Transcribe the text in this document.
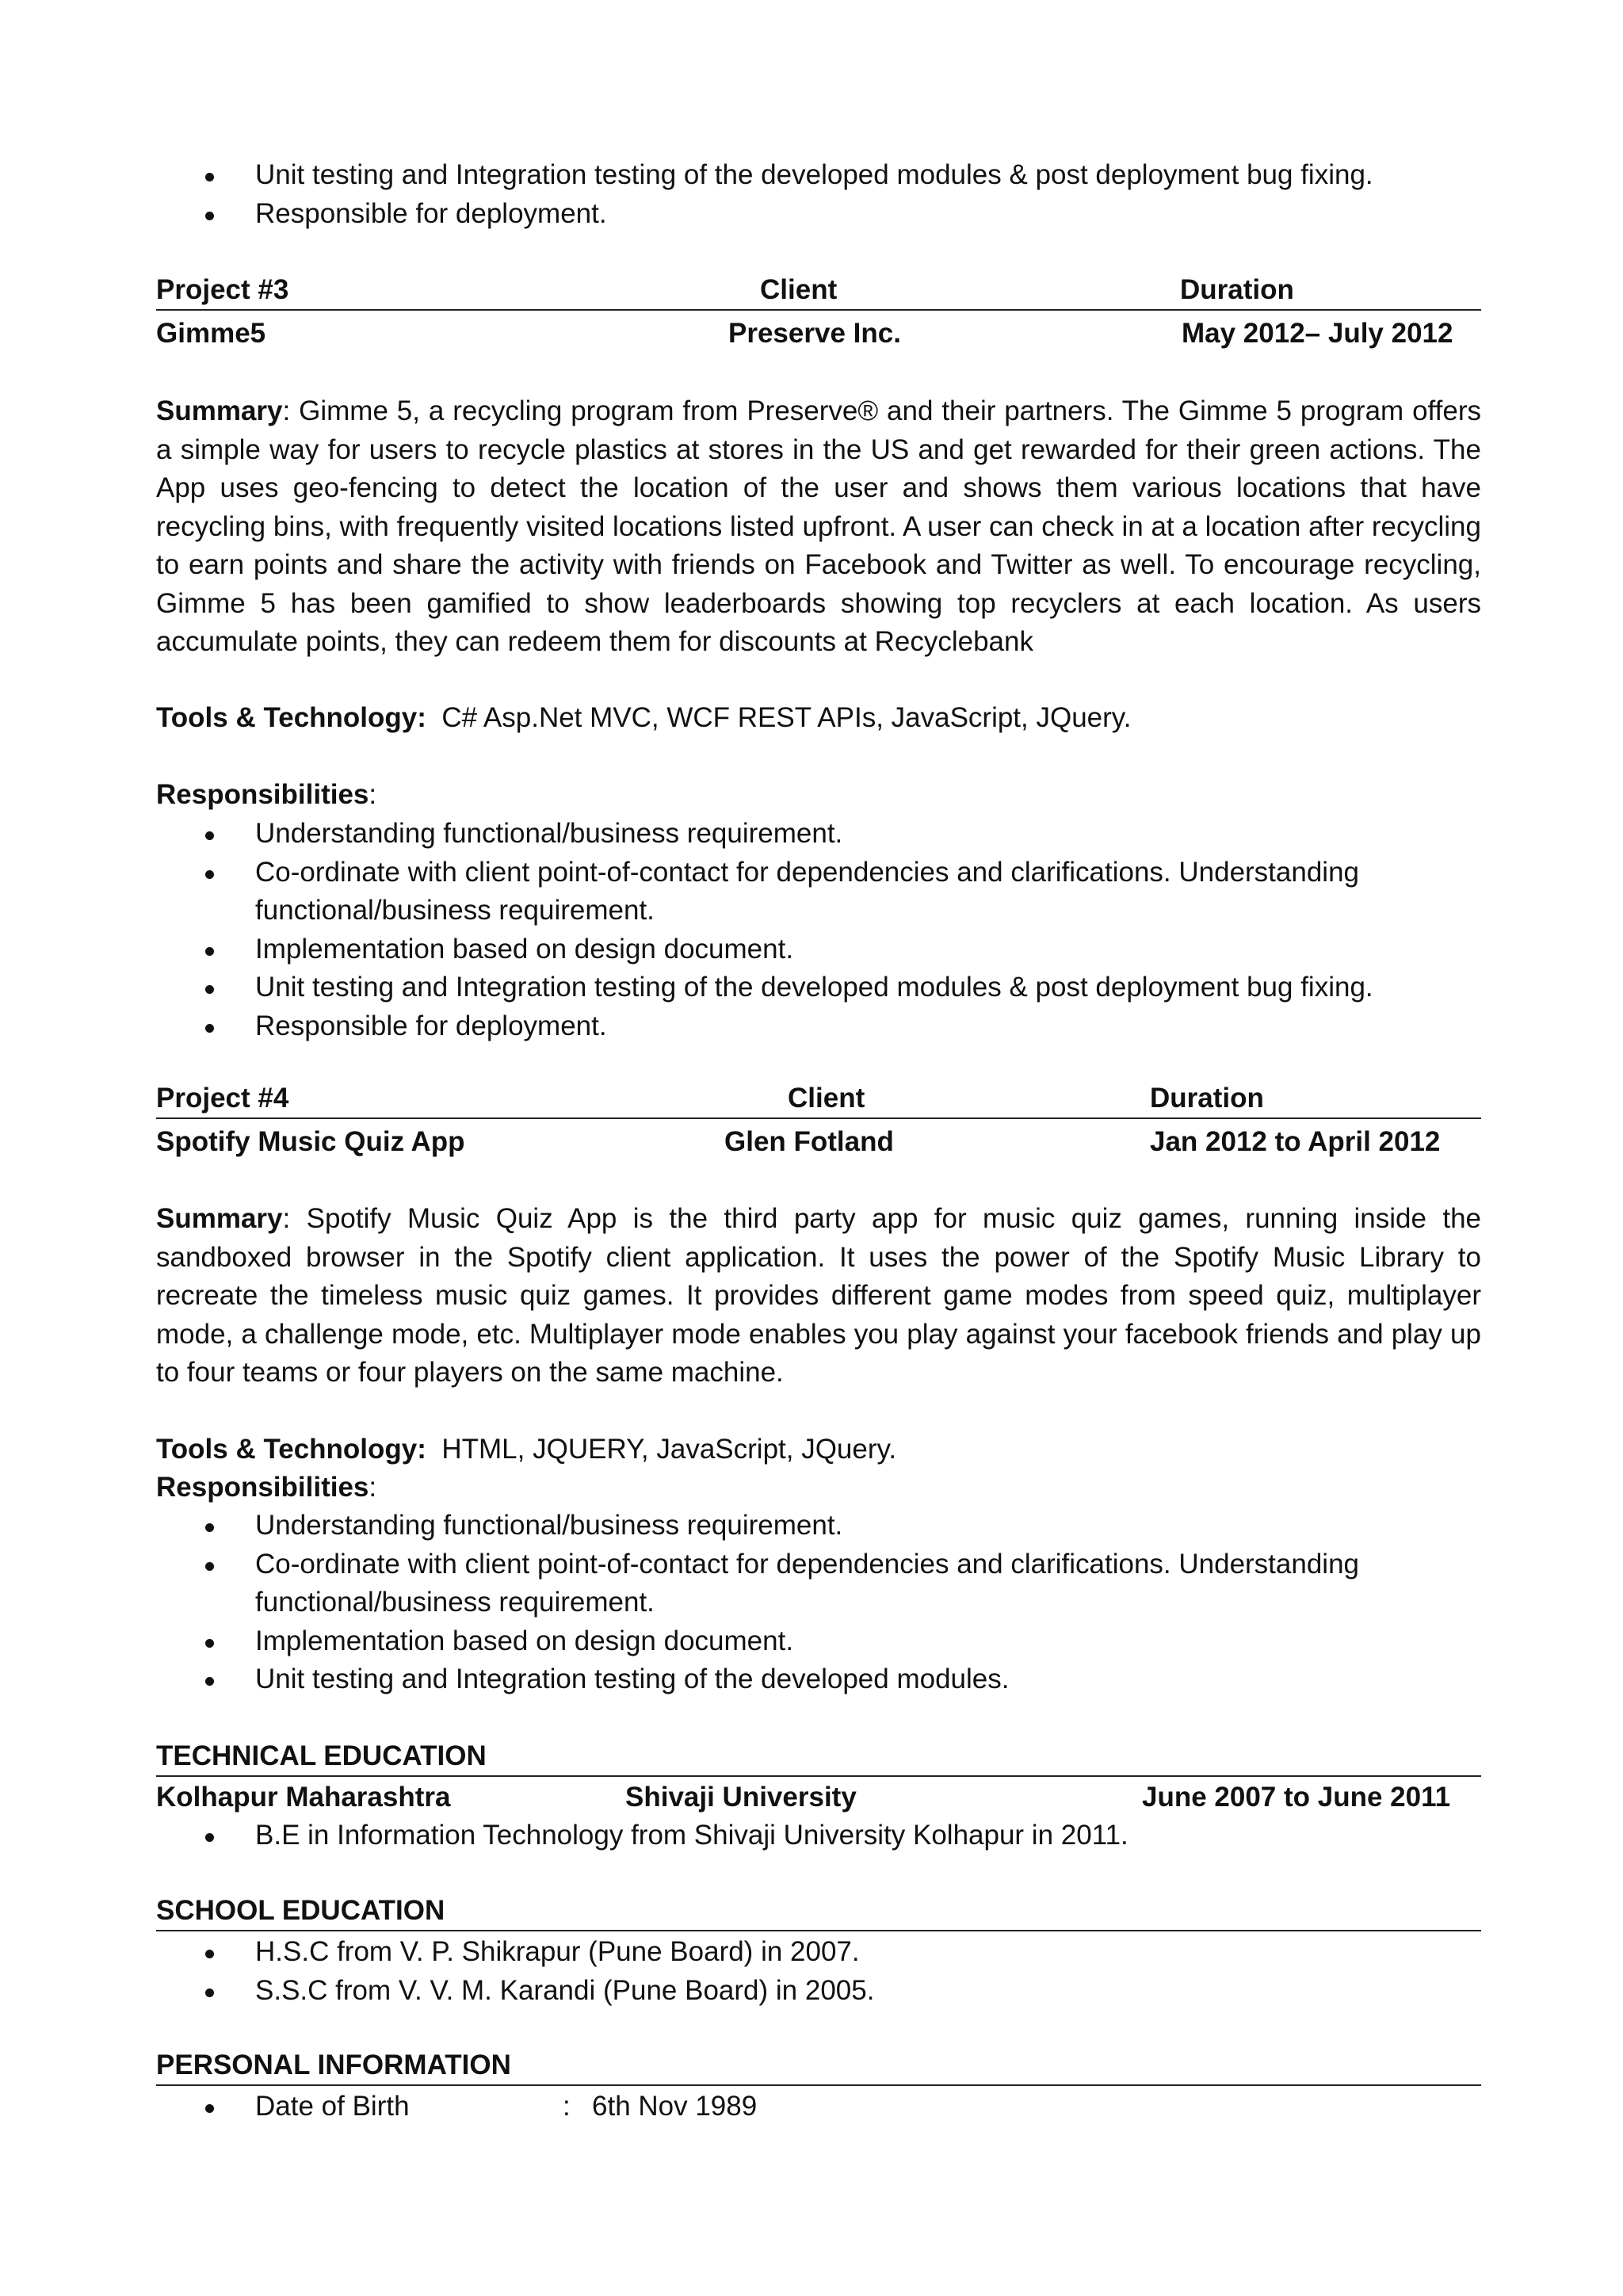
Unit testing and Integration testing of the developed modules & post deployment bug fixing.
Responsible for deployment.
Project #3	Client	Duration
Gimme5	Preserve Inc.	May 2012– July 2012
Summary: Gimme 5, a recycling program from Preserve® and their partners. The Gimme 5 program offers a simple way for users to recycle plastics at stores in the US and get rewarded for their green actions. The App uses geo-fencing to detect the location of the user and shows them various locations that have recycling bins, with frequently visited locations listed upfront. A user can check in at a location after recycling to earn points and share the activity with friends on Facebook and Twitter as well. To encourage recycling, Gimme 5 has been gamified to show leaderboards showing top recyclers at each location. As users accumulate points, they can redeem them for discounts at Recyclebank
Tools & Technology: C# Asp.Net MVC, WCF REST APIs, JavaScript, JQuery.
Responsibilities:
Understanding functional/business requirement.
Co-ordinate with client point-of-contact for dependencies and clarifications. Understanding functional/business requirement.
Implementation based on design document.
Unit testing and Integration testing of the developed modules & post deployment bug fixing.
Responsible for deployment.
Project #4	Client	Duration
Spotify Music Quiz App	Glen Fotland	Jan 2012 to April 2012
Summary: Spotify Music Quiz App is the third party app for music quiz games, running inside the sandboxed browser in the Spotify client application. It uses the power of the Spotify Music Library to recreate the timeless music quiz games. It provides different game modes from speed quiz, multiplayer mode, a challenge mode, etc. Multiplayer mode enables you play against your facebook friends and play up to four teams or four players on the same machine.
Tools & Technology: HTML, JQUERY, JavaScript, JQuery.
Responsibilities:
Understanding functional/business requirement.
Co-ordinate with client point-of-contact for dependencies and clarifications. Understanding functional/business requirement.
Implementation based on design document.
Unit testing and Integration testing of the developed modules.
TECHNICAL EDUCATION
Kolhapur Maharashtra	Shivaji University	June 2007 to June 2011
B.E in Information Technology from Shivaji University Kolhapur in 2011.
SCHOOL EDUCATION
H.S.C from V. P. Shikrapur (Pune Board) in 2007.
S.S.C from V. V. M. Karandi (Pune Board) in 2005.
PERSONAL INFORMATION
Date of Birth	: 6th Nov 1989
